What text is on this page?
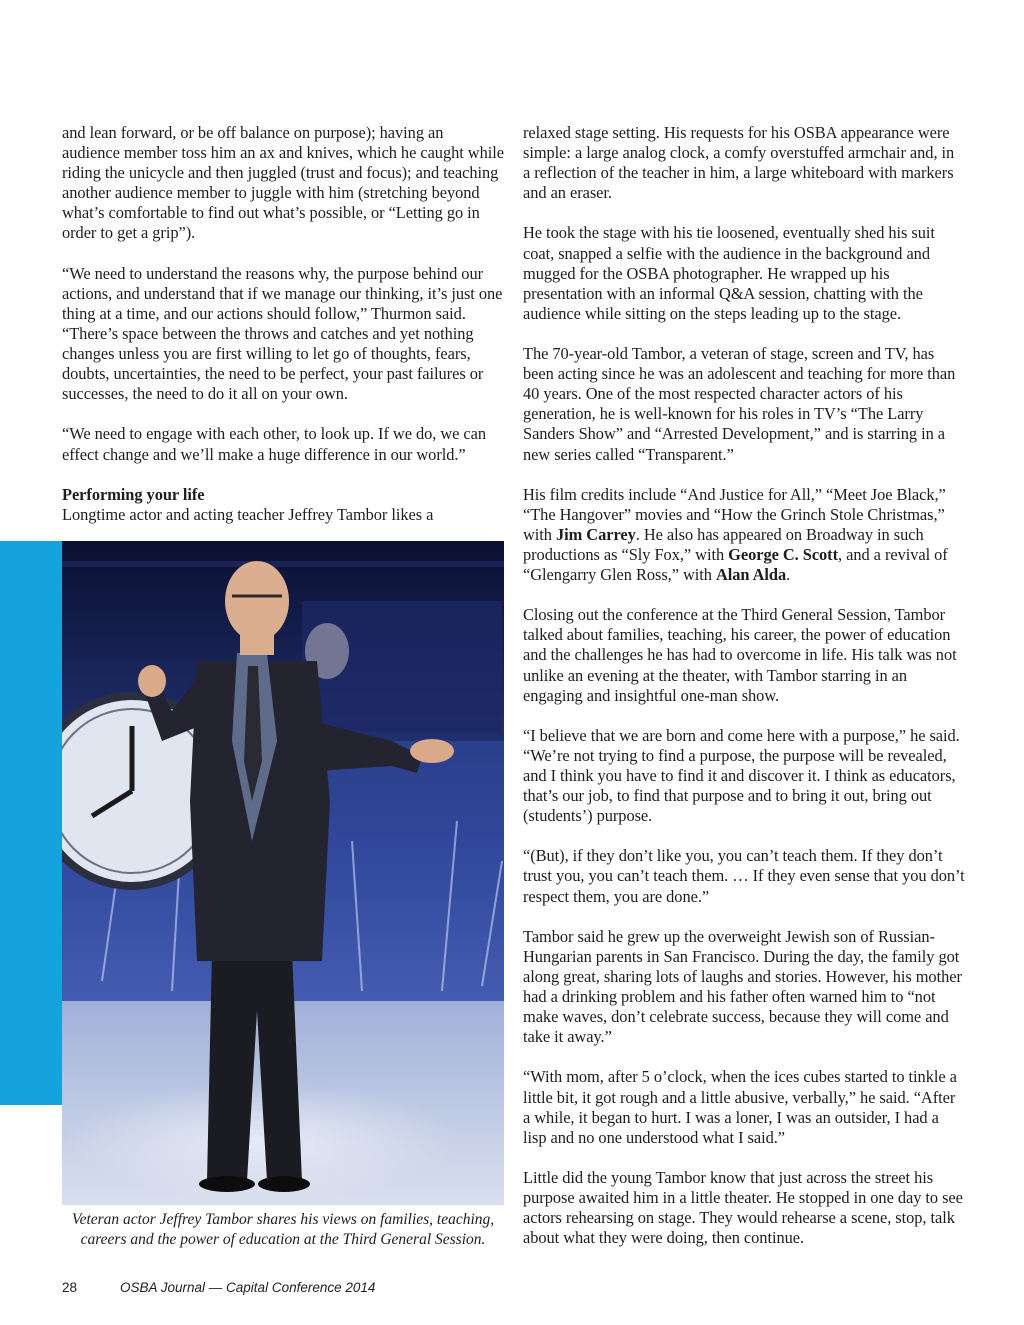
and lean forward, or be off balance on purpose); having an audience member toss him an ax and knives, which he caught while riding the unicycle and then juggled (trust and focus); and teaching another audience member to juggle with him (stretching beyond what’s comfortable to find out what’s possible, or “Letting go in order to get a grip”).

“We need to understand the reasons why, the purpose behind our actions, and understand that if we manage our thinking, it’s just one thing at a time, and our actions should follow,” Thurmon said. “There’s space between the throws and catches and yet nothing changes unless you are first willing to let go of thoughts, fears, doubts, uncertainties, the need to be perfect, your past failures or successes, the need to do it all on your own.

“We need to engage with each other, to look up. If we do, we can effect change and we’ll make a huge difference in our world.”

Performing your life
Longtime actor and acting teacher Jeffrey Tambor likes a

Veteran actor Jeffrey Tambor shares his views on families, teaching, careers and the power of education at the Third General Session.

relaxed stage setting. His requests for his OSBA appearance were simple: a large analog clock, a comfy overstuffed armchair and, in a reflection of the teacher in him, a large whiteboard with markers and an eraser.

He took the stage with his tie loosened, eventually shed his suit coat, snapped a selfie with the audience in the background and mugged for the OSBA photographer. He wrapped up his presentation with an informal Q&A session, chatting with the audience while sitting on the steps leading up to the stage.

The 70-year-old Tambor, a veteran of stage, screen and TV, has been acting since he was an adolescent and teaching for more than 40 years. One of the most respected character actors of his generation, he is well-known for his roles in TV’s “The Larry Sanders Show” and “Arrested Development,” and is starring in a new series called “Transparent.”

His film credits include “And Justice for All,” “Meet Joe Black,” “The Hangover” movies and “How the Grinch Stole Christmas,” with Jim Carrey. He also has appeared on Broadway in such productions as “Sly Fox,” with George C. Scott, and a revival of “Glengarry Glen Ross,” with Alan Alda.

Closing out the conference at the Third General Session, Tambor talked about families, teaching, his career, the power of education and the challenges he has had to overcome in life. His talk was not unlike an evening at the theater, with Tambor starring in an engaging and insightful one-man show.

“I believe that we are born and come here with a purpose,” he said. “We’re not trying to find a purpose, the purpose will be revealed, and I think you have to find it and discover it. I think as educators, that’s our job, to find that purpose and to bring it out, bring out (students’) purpose.

“(But), if they don’t like you, you can’t teach them. If they don’t trust you, you can’t teach them. … If they even sense that you don’t respect them, you are done.”

Tambor said he grew up the overweight Jewish son of Russian-Hungarian parents in San Francisco. During the day, the family got along great, sharing lots of laughs and stories. However, his mother had a drinking problem and his father often warned him to “not make waves, don’t celebrate success, because they will come and take it away.”

“With mom, after 5 o’clock, when the ices cubes started to tinkle a little bit, it got rough and a little abusive, verbally,” he said. “After a while, it began to hurt. I was a loner, I was an outsider, I had a lisp and no one understood what I said.”

Little did the young Tambor know that just across the street his purpose awaited him in a little theater. He stopped in one day to see actors rehearsing on stage. They would rehearse a scene, stop, talk about what they were doing, then continue.

28	OSBA Journal — Capital Conference 2014
